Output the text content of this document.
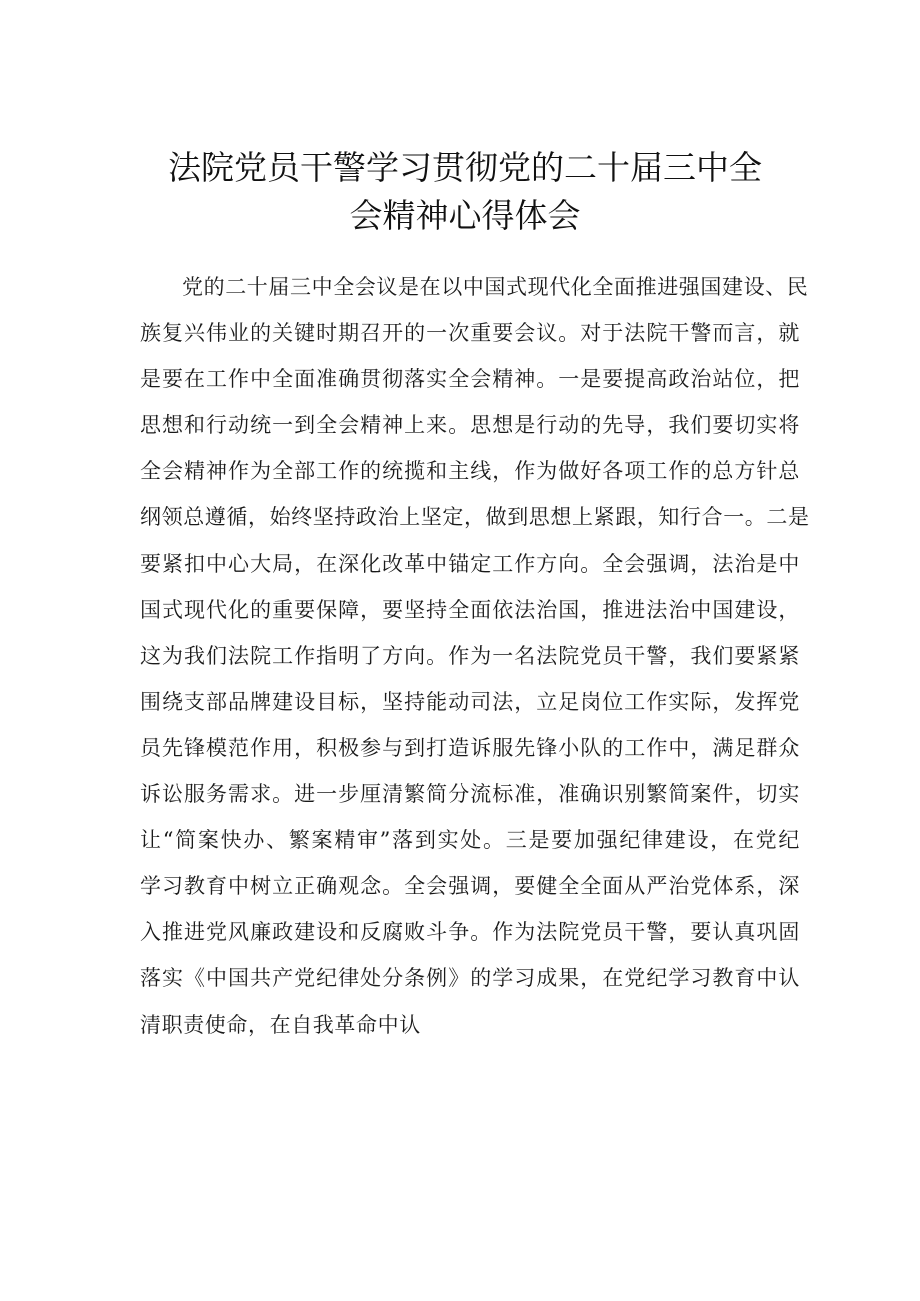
法院党员干警学习贯彻党的二十届三中全
会精神心得体会
党的二十届三中全会议是在以中国式现代化全面推进强国建设、民
族复兴伟业的关键时期召开的一次重要会议。对于法院干警而言，就
是要在工作中全面准确贯彻落实全会精神。一是要提高政治站位，把
思想和行动统一到全会精神上来。思想是行动的先导，我们要切实将
全会精神作为全部工作的统揽和主线，作为做好各项工作的总方针总
纲领总遵循，始终坚持政治上坚定，做到思想上紧跟，知行合一。二是
要紧扣中心大局，在深化改革中锚定工作方向。全会强调，法治是中
国式现代化的重要保障，要坚持全面依法治国，推进法治中国建设，
这为我们法院工作指明了方向。作为一名法院党员干警，我们要紧紧
围绕支部品牌建设目标，坚持能动司法，立足岗位工作实际，发挥党
员先锋模范作用，积极参与到打造诉服先锋小队的工作中，满足群众
诉讼服务需求。进一步厘清繁简分流标准，准确识别繁简案件，切实
让“简案快办、繁案精审”落到实处。三是要加强纪律建设，在党纪
学习教育中树立正确观念。全会强调，要健全全面从严治党体系，深
入推进党风廉政建设和反腐败斗争。作为法院党员干警，要认真巩固
落实《中国共产党纪律处分条例》的学习成果，在党纪学习教育中认
清职责使命，在自我革命中认
